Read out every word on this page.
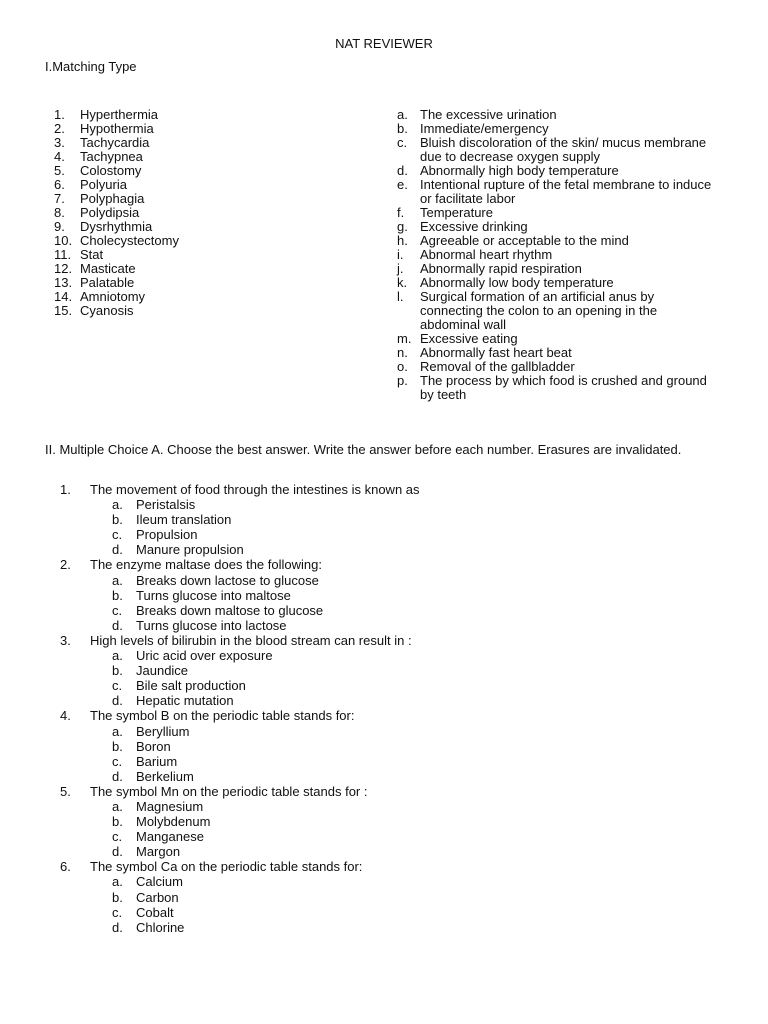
NAT REVIEWER
I.Matching Type
1.	Hyperthermia
2.	Hypothermia
3.	Tachycardia
4.	Tachypnea
5.	Colostomy
6.	Polyuria
7.	Polyphagia
8.	Polydipsia
9.	Dysrhythmia
10. Cholecystectomy
11. Stat
12. Masticate
13. Palatable
14. Amniotomy
15. Cyanosis
a. The excessive urination
b. Immediate/emergency
c. Bluish discoloration of the skin/ mucus membrane due to decrease oxygen supply
d. Abnormally high body temperature
e. Intentional rupture of the fetal membrane to induce or facilitate labor
f.	Temperature
g. Excessive drinking
h. Agreeable or acceptable to the mind
i.	Abnormal heart rhythm
j.	Abnormally rapid respiration
k. Abnormally low body temperature
l.	Surgical formation of an artificial anus by connecting the colon to an opening in the abdominal wall
m. Excessive eating
n. Abnormally fast heart beat
o. Removal of the gallbladder
p. The process by which food is crushed and ground by teeth
II. Multiple Choice A. Choose the best answer. Write the answer before each number. Erasures are invalidated.
1.	The movement of food through the intestines is known as
a.	Peristalsis
b.	Ileum translation
c.	Propulsion
d.	Manure propulsion
2.	The enzyme maltase does the following:
a.	Breaks down lactose to glucose
b.	Turns glucose into maltose
c.	Breaks down maltose to glucose
d.	Turns glucose into lactose
3.	High levels of bilirubin in the blood stream can result in :
a.	Uric acid over exposure
b.	Jaundice
c.	Bile salt production
d.	Hepatic mutation
4.	The symbol B on the periodic table stands for:
a.	Beryllium
b.	Boron
c.	Barium
d.	Berkelium
5.	The symbol Mn on the periodic table stands for :
a.	Magnesium
b.	Molybdenum
c.	Manganese
d.	Margon
6.	The symbol Ca on the periodic table stands for:
a.	Calcium
b.	Carbon
c.	Cobalt
d.	Chlorine
